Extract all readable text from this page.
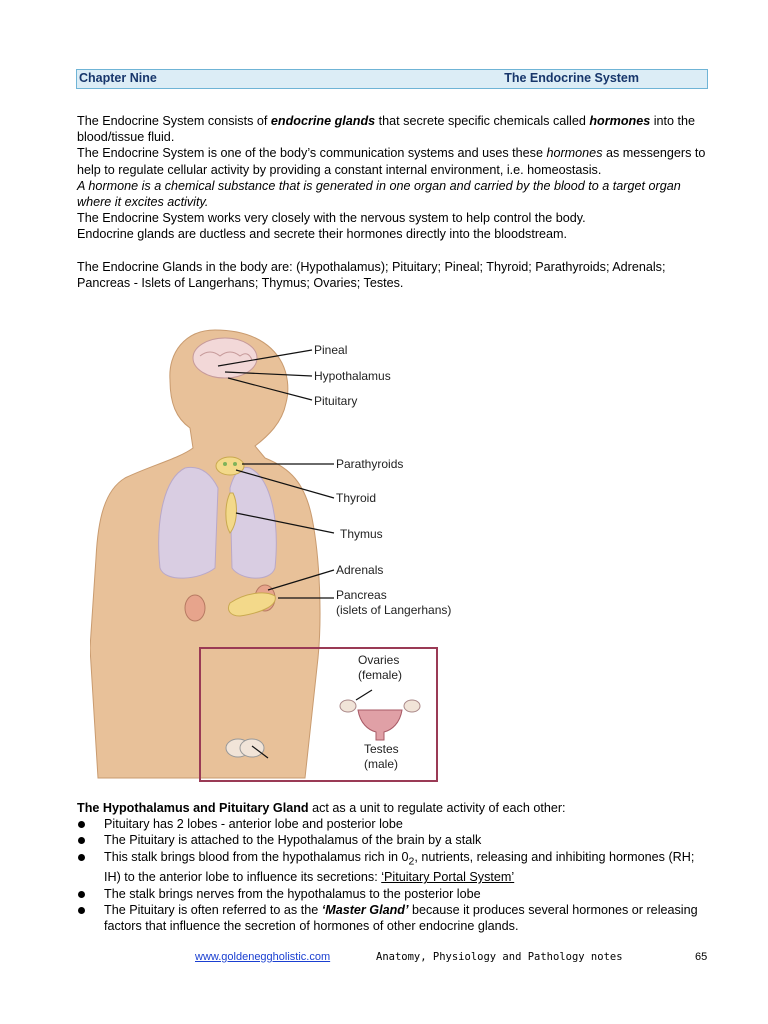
Chapter Nine	The Endocrine System

The Endocrine System consists of endocrine glands that secrete specific chemicals called hormones into the blood/tissue fluid.

The Endocrine System is one of the body’s communication systems and uses these hormones as messengers to help to regulate cellular activity by providing a constant internal environment, i.e. homeostasis.

A hormone is a chemical substance that is generated in one organ and carried by the blood to a target organ where it excites activity.

The Endocrine System works very closely with the nervous system to help control the body.

Endocrine glands are ductless and secrete their hormones directly into the bloodstream.

The Endocrine Glands in the body are: (Hypothalamus); Pituitary; Pineal; Thyroid; Parathyroids; Adrenals; Pancreas - Islets of Langerhans; Thymus; Ovaries; Testes.

Pineal
Hypothalamus
Pituitary
Parathyroids
Thyroid
Thymus
Adrenals
Pancreas
(islets of Langerhans)
Ovaries
(female)
Testes
(male)

The Hypothalamus and Pituitary Gland act as a unit to regulate activity of each other:

Pituitary has 2 lobes - anterior lobe and posterior lobe
The Pituitary is attached to the Hypothalamus of the brain by a stalk
This stalk brings blood from the hypothalamus rich in $0_2$, nutrients, releasing and inhibiting hormones (RH; IH) to the anterior lobe to influence its secretions: ‘Pituitary Portal System’
The stalk brings nerves from the hypothalamus to the posterior lobe
The Pituitary is often referred to as the ‘Master Gland’ because it produces several hormones or releasing factors that influence the secretion of hormones of other endocrine glands.
www.goldeneggholistic.com	Anatomy, Physiology and Pathology notes	65
